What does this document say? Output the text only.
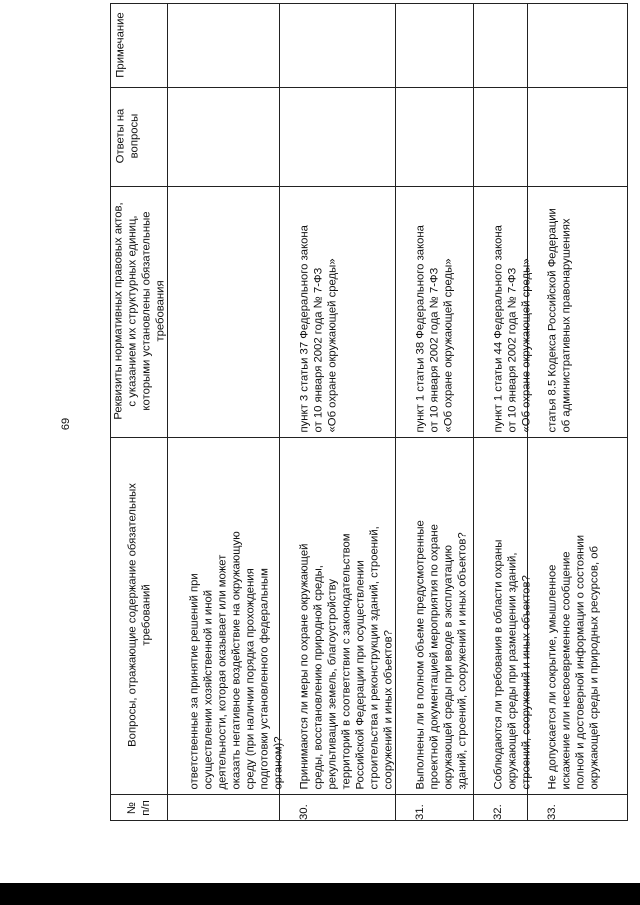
69
№
п/п
Вопросы, отражающие содержание обязательных
требований
Реквизиты нормативных правовых актов,
с указанием их структурных единиц,
которыми установлены обязательные
требования
Ответы на
вопросы
Примечание

ответственные за принятие решений при
осуществлении хозяйственной и иной
деятельности, которая оказывает или может
оказать негативное воздействие на окружающую
среду (при наличии порядка прохождения
подготовки установленного федеральным
органом)?

30.

Принимаются ли меры по охране окружающей
среды, восстановлению природной среды,
рекультивации земель, благоустройству
территорий в соответствии с законодательством
Российской Федерации при осуществлении
строительства и реконструкции зданий, строений,
сооружений и иных объектов?

пункт 3 статьи 37 Федерального закона
от 10 января 2002 года № 7-ФЗ
«Об охране окружающей среды»

31.

Выполнены ли в полном объеме предусмотренные
проектной документацией мероприятия по охране
окружающей среды при вводе в эксплуатацию
зданий, строений, сооружений и иных объектов?

пункт 1 статьи 38 Федерального закона
от 10 января 2002 года № 7-ФЗ
«Об охране окружающей среды»

32.

Соблюдаются ли требования в области охраны
окружающей среды при размещении зданий,
строений, сооружений и иных объектов?

пункт 1 статьи 44 Федерального закона
от 10 января 2002 года № 7-ФЗ
«Об охране окружающей среды»

33.

Не допускается ли сокрытие, умышленное
искажение или несвоевременное сообщение
полной и достоверной информации о состоянии
окружающей среды и природных ресурсов, об

статья 8.5 Кодекса Российской Федерации
об административных правонарушениях
